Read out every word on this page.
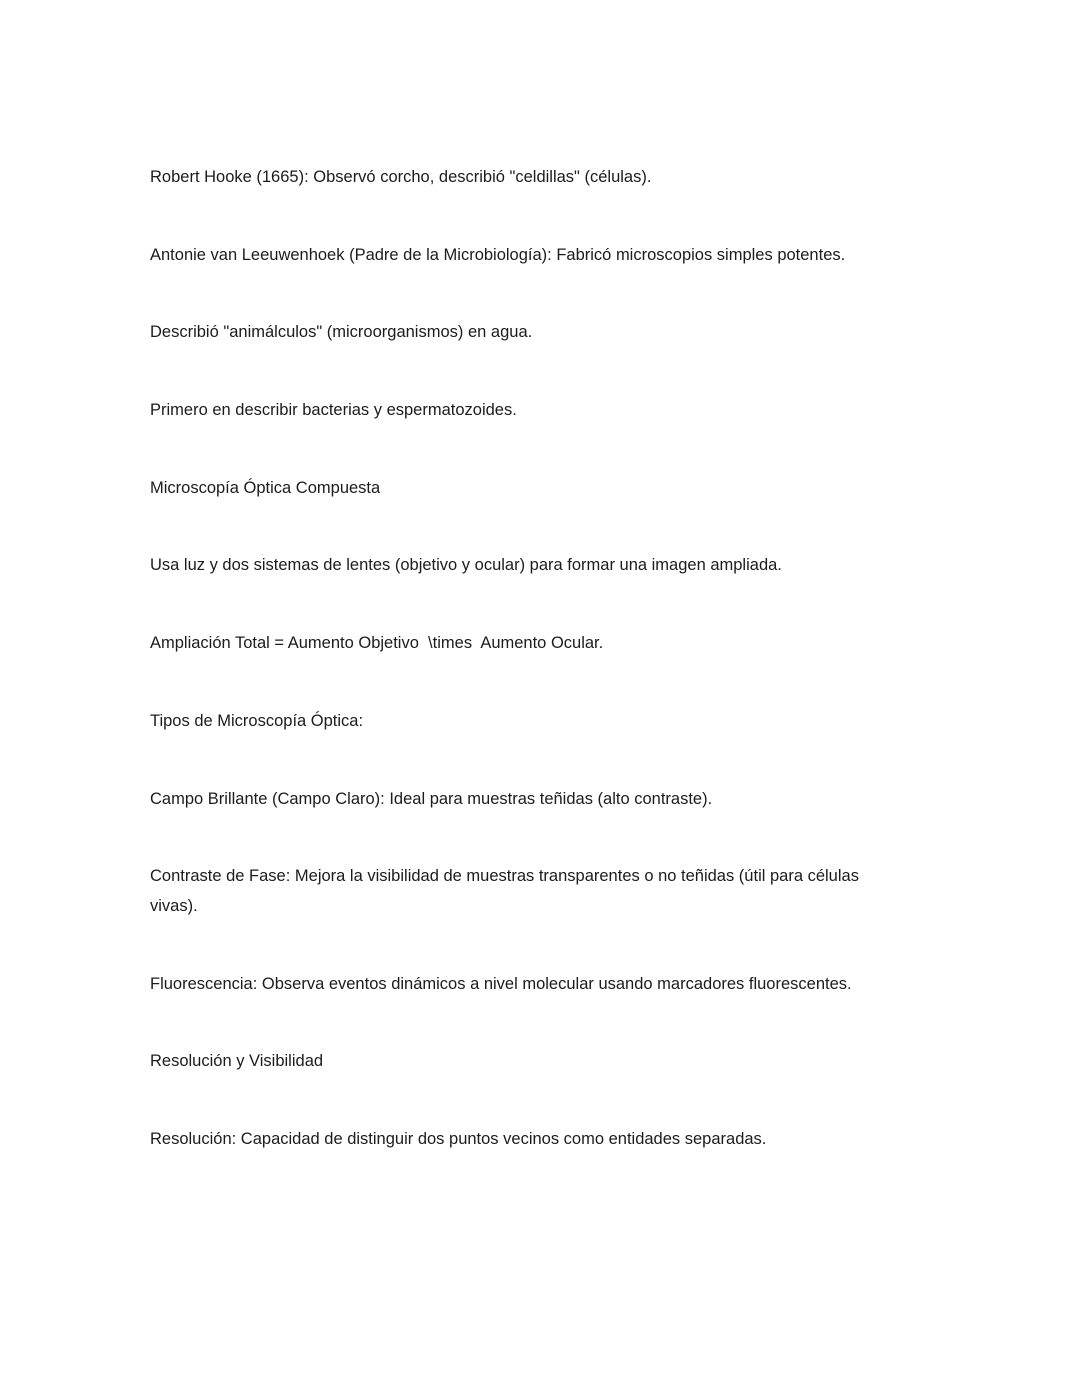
Robert Hooke (1665): Observó corcho, describió "celdillas" (células).

Antonie van Leeuwenhoek (Padre de la Microbiología): Fabricó microscopios simples potentes.

Describió "animálculos" (microorganismos) en agua.

Primero en describir bacterias y espermatozoides.

Microscopía Óptica Compuesta

Usa luz y dos sistemas de lentes (objetivo y ocular) para formar una imagen ampliada.

Ampliación Total = Aumento Objetivo  \times  Aumento Ocular.

Tipos de Microscopía Óptica:

Campo Brillante (Campo Claro): Ideal para muestras teñidas (alto contraste).

Contraste de Fase: Mejora la visibilidad de muestras transparentes o no teñidas (útil para células vivas).

Fluorescencia: Observa eventos dinámicos a nivel molecular usando marcadores fluorescentes.

Resolución y Visibilidad

Resolución: Capacidad de distinguir dos puntos vecinos como entidades separadas.
